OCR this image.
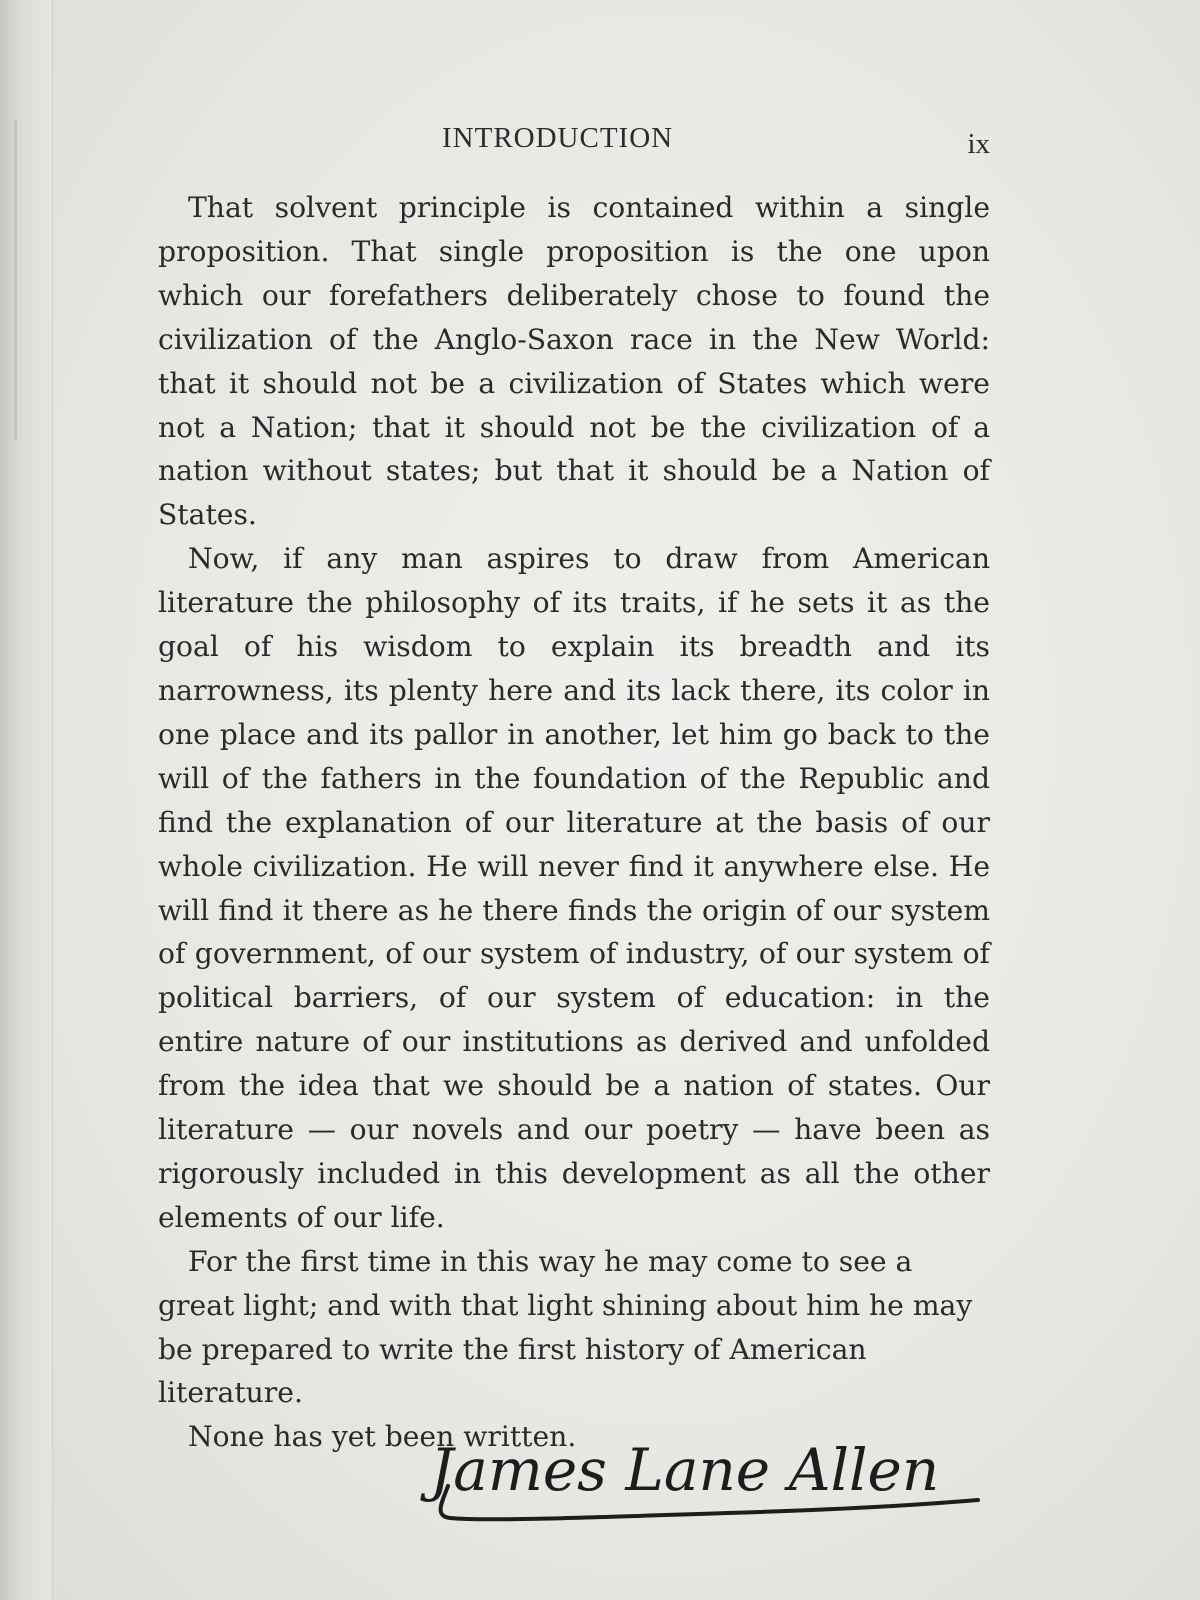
INTRODUCTION	ix

That solvent principle is contained within a single proposition. That single proposition is the one upon which our forefathers deliberately chose to found the civilization of the Anglo-Saxon race in the New World: that it should not be a civilization of States which were not a Nation; that it should not be the civilization of a nation without states; but that it should be a Nation of States.

Now, if any man aspires to draw from American literature the philosophy of its traits, if he sets it as the goal of his wisdom to explain its breadth and its narrowness, its plenty here and its lack there, its color in one place and its pallor in another, let him go back to the will of the fathers in the foundation of the Republic and find the explanation of our literature at the basis of our whole civilization. He will never find it anywhere else. He will find it there as he there finds the origin of our system of government, of our system of industry, of our system of political barriers, of our system of education: in the entire nature of our institutions as derived and unfolded from the idea that we should be a nation of states. Our literature — our novels and our poetry — have been as rigorously included in this development as all the other elements of our life.

For the first time in this way he may come to see a great light; and with that light shining about him he may be prepared to write the first history of American literature.

None has yet been written.

James Lane Allen
